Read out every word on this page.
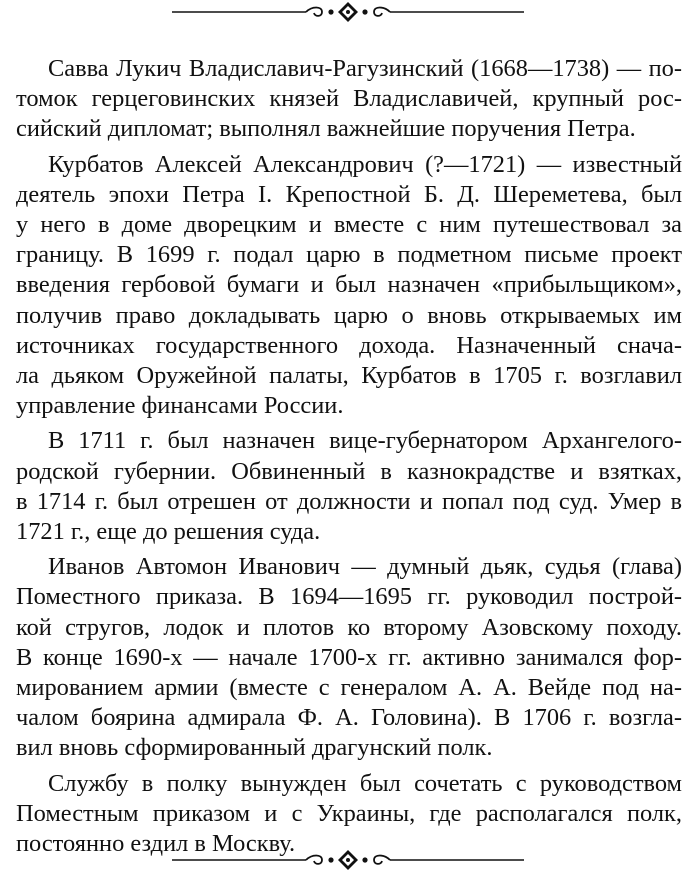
Савва Лукич Владиславич-Рагузинский (1668—1738) — по-
томок герцеговинских князей Владиславичей, крупный рос-
сийский дипломат; выполнял важнейшие поручения Петра.

Курбатов Алексей Александрович (?—1721) — известный
деятель эпохи Петра I. Крепостной Б. Д. Шереметева, был
у него в доме дворецким и вместе с ним путешествовал за
границу. В 1699 г. подал царю в подметном письме проект
введения гербовой бумаги и был назначен «прибыльщиком»,
получив право докладывать царю о вновь открываемых им
источниках государственного дохода. Назначенный снача-
ла дьяком Оружейной палаты, Курбатов в 1705 г. возглавил
управление финансами России.

В 1711 г. был назначен вице-губернатором Архангелого-
родской губернии. Обвиненный в казнокрадстве и взятках,
в 1714 г. был отрешен от должности и попал под суд. Умер в
1721 г., еще до решения суда.

Иванов Автомон Иванович — думный дьяк, судья (глава)
Поместного приказа. В 1694—1695 гг. руководил построй-
кой стругов, лодок и плотов ко второму Азовскому походу.
В конце 1690-х — начале 1700-х гг. активно занимался фор-
мированием армии (вместе с генералом А. А. Вейде под на-
чалом боярина адмирала Ф. А. Головина). В 1706 г. возгла-
вил вновь сформированный драгунский полк.

Службу в полку вынужден был сочетать с руководством
Поместным приказом и с Украины, где располагался полк,
постоянно ездил в Москву.
